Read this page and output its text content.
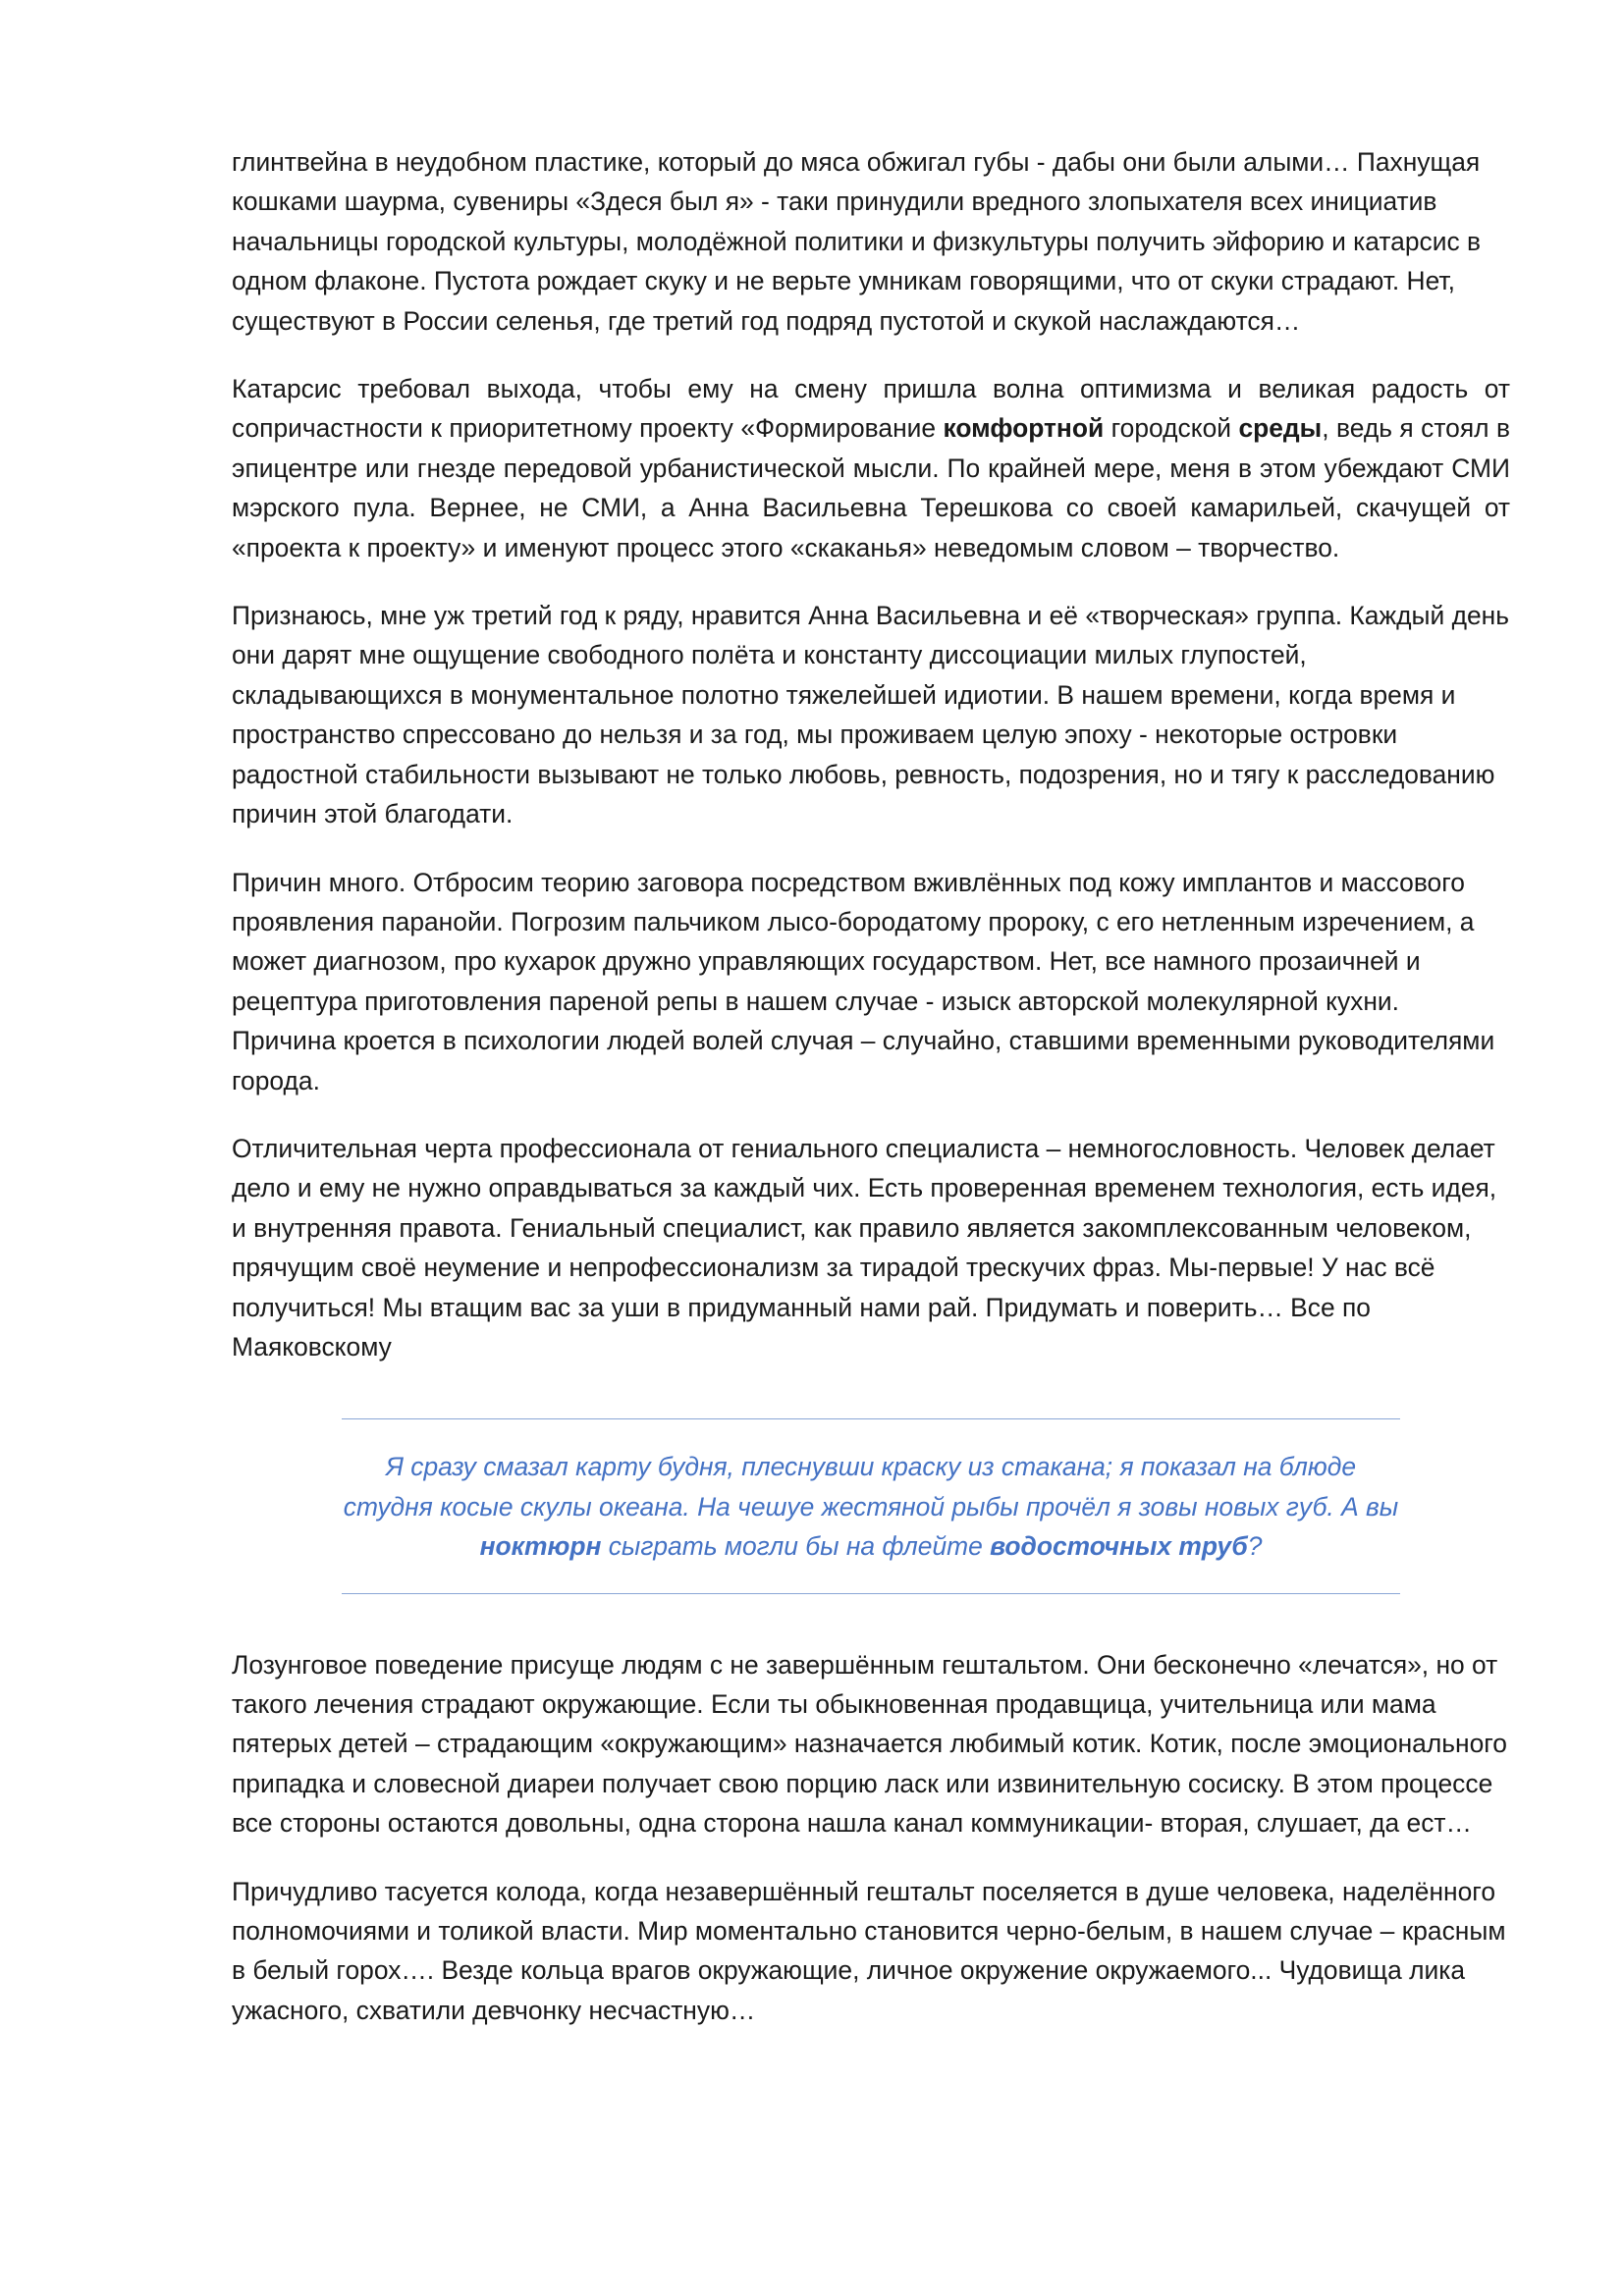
глинтвейна в неудобном пластике, который до мяса обжигал губы - дабы они были алыми… Пахнущая кошками шаурма, сувениры «Здеся был я» - таки принудили вредного злопыхателя всех инициатив начальницы городской культуры, молодёжной политики и физкультуры получить эйфорию и катарсис в одном флаконе. Пустота рождает скуку и не верьте умникам говорящими, что от скуки страдают. Нет, существуют в России селенья, где третий год подряд пустотой и скукой наслаждаются…

Катарсис требовал выхода, чтобы ему на смену пришла волна оптимизма и великая радость от сопричастности к приоритетному проекту «Формирование комфортной городской среды, ведь я стоял в эпицентре или гнезде передовой урбанистической мысли. По крайней мере, меня в этом убеждают СМИ мэрского пула. Вернее, не СМИ, а Анна Васильевна Терешкова со своей камарильей, скачущей от «проекта к проекту» и именуют процесс этого «скаканья» неведомым словом – творчество.

Признаюсь, мне уж третий год к ряду, нравится Анна Васильевна и её «творческая» группа. Каждый день они дарят мне ощущение свободного полёта и константу диссоциации милых глупостей, складывающихся в монументальное полотно тяжелейшей идиотии. В нашем времени, когда время и пространство спрессовано до нельзя и за год, мы проживаем целую эпоху - некоторые островки радостной стабильности вызывают не только любовь, ревность, подозрения, но и тягу к расследованию причин этой благодати.

Причин много. Отбросим теорию заговора посредством вживлённых под кожу имплантов и массового проявления паранойи. Погрозим пальчиком лысо-бородатому пророку, с его нетленным изречением, а может диагнозом, про кухарок дружно управляющих государством. Нет, все намного прозаичней и рецептура приготовления пареной репы в нашем случае - изыск авторской молекулярной кухни. Причина кроется в психологии людей волей случая – случайно, ставшими временными руководителями города.

Отличительная черта профессионала от гениального специалиста – немногословность. Человек делает дело и ему не нужно оправдываться за каждый чих. Есть проверенная временем технология, есть идея, и внутренняя правота. Гениальный специалист, как правило является закомплексованным человеком, прячущим своё неумение и непрофессионализм за тирадой трескучих фраз. Мы-первые! У нас всё получиться! Мы втащим вас за уши в придуманный нами рай. Придумать и поверить… Все по Маяковскому

Я сразу смазал карту будня, плеснувши краску из стакана; я показал на блюде студня косые скулы океана. На чешуе жестяной рыбы прочёл я зовы новых губ. А вы ноктюрн сыграть могли бы на флейте водосточных труб?

Лозунговое поведение присуще людям с не завершённым гештальтом. Они бесконечно «лечатся», но от такого лечения страдают окружающие. Если ты обыкновенная продавщица, учительница или мама пятерых детей – страдающим «окружающим» назначается любимый котик. Котик, после эмоционального припадка и словесной диареи получает свою порцию ласк или извинительную сосиску. В этом процессе все стороны остаются довольны, одна сторона нашла канал коммуникации- вторая, слушает, да ест…

Причудливо тасуется колода, когда незавершённый гештальт поселяется в душе человека, наделённого полномочиями и толикой власти. Мир моментально становится черно-белым, в нашем случае – красным в белый горох…. Везде кольца врагов окружающие, личное окружение окружаемого... Чудовища лика ужасного, схватили девчонку несчастную…
